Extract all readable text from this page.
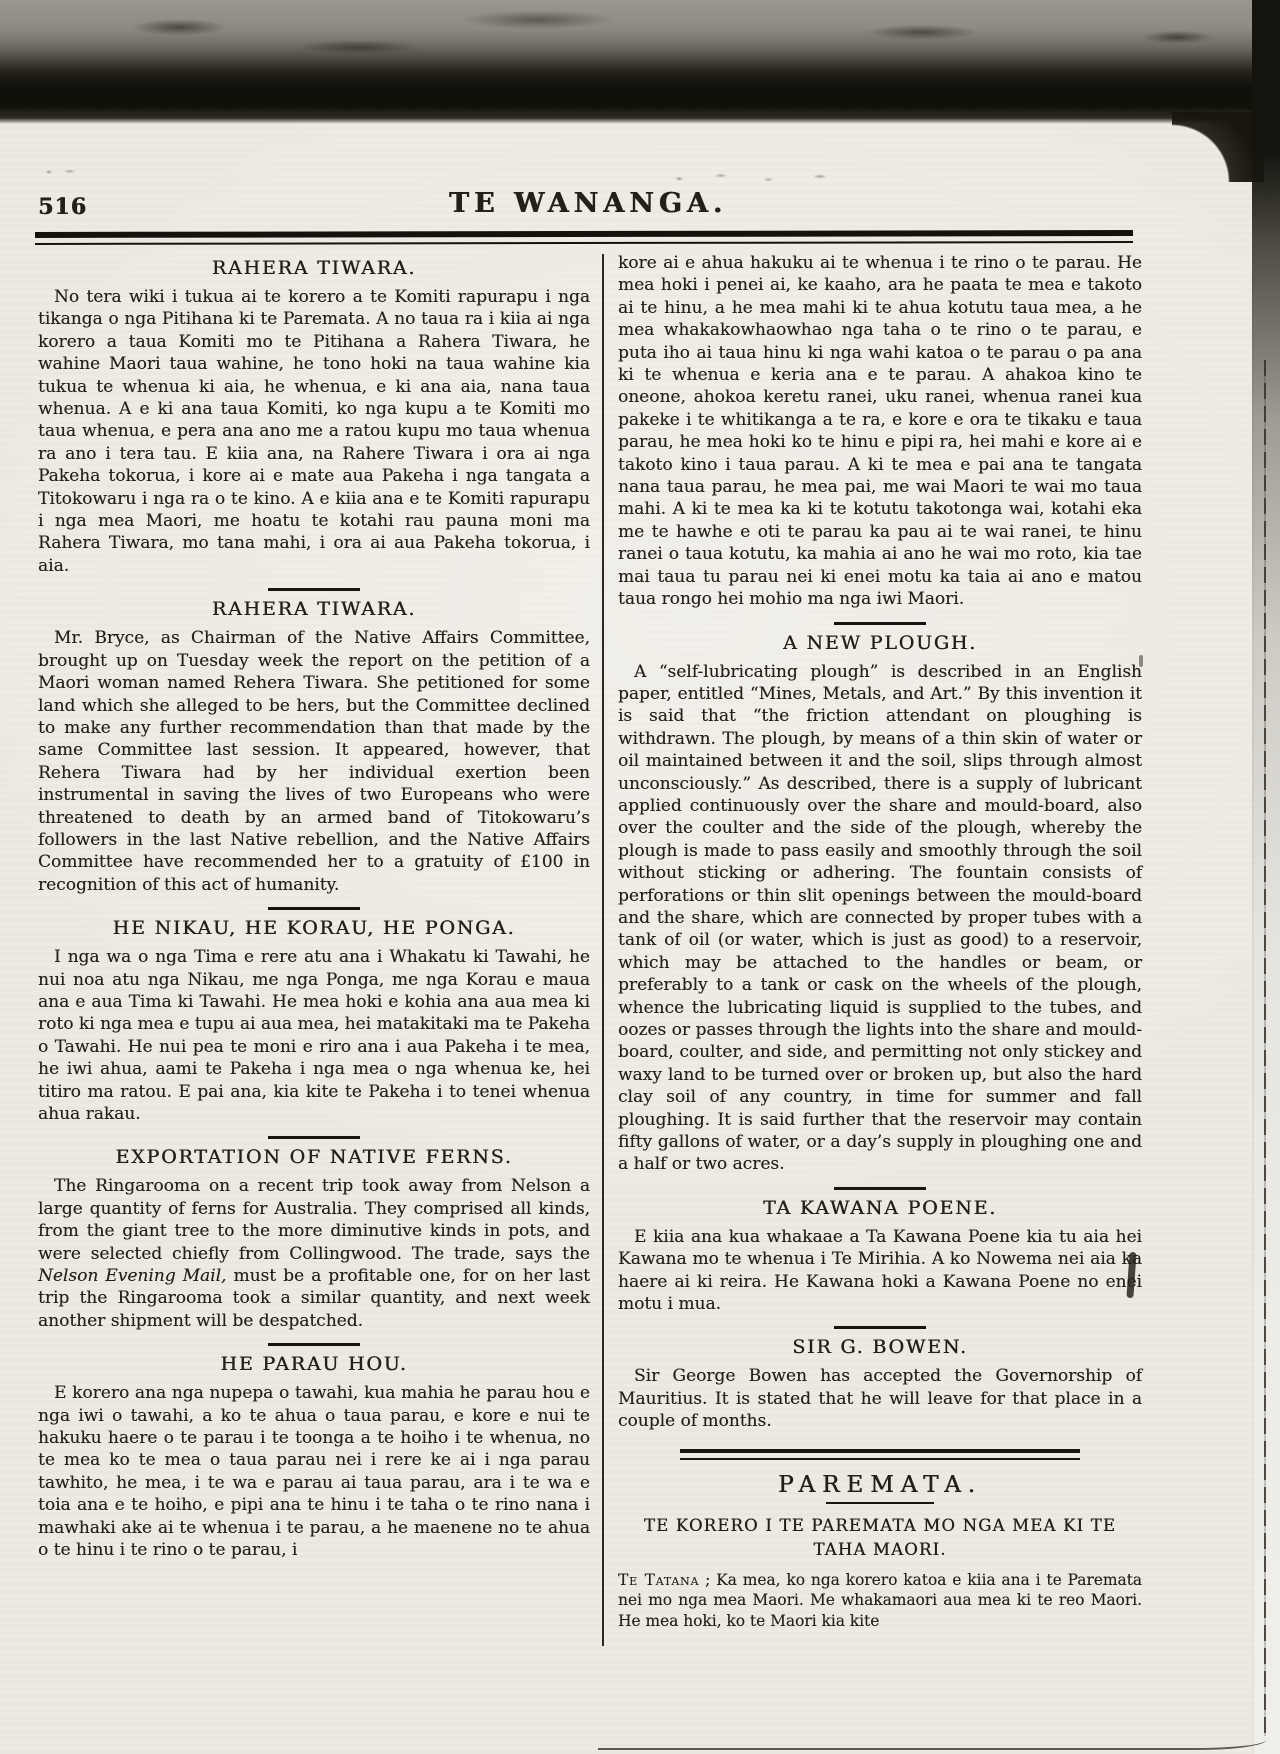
516	TE WANANGA.
RAHERA TIWARA.

No tera wiki i tukua ai te korero a te Komiti rapurapu i nga tikanga o nga Pitihana ki te Paremata. A no taua ra i kiia ai nga korero a taua Komiti mo te Pitihana a Rahera Tiwara, he wahine Maori taua wahine, he tono hoki na taua wahine kia tukua te whenua ki aia, he whenua, e ki ana aia, nana taua whenua. A e ki ana taua Komiti, ko nga kupu a te Komiti mo taua whenua, e pera ana ano me a ratou kupu mo taua whenua ra ano i tera tau. E kiia ana, na Rahere Tiwara i ora ai nga Pakeha tokorua, i kore ai e mate aua Pakeha i nga tangata a Titokowaru i nga ra o te kino. A e kiia ana e te Komiti rapurapu i nga mea Maori, me hoatu te kotahi rau pauna moni ma Rahera Tiwara, mo tana mahi, i ora ai aua Pakeha tokorua, i aia.

RAHERA TIWARA.

Mr. Bryce, as Chairman of the Native Affairs Committee, brought up on Tuesday week the report on the petition of a Maori woman named Rehera Tiwara. She petitioned for some land which she alleged to be hers, but the Committee declined to make any further recommendation than that made by the same Committee last session. It appeared, however, that Rehera Tiwara had by her individual exertion been instrumental in saving the lives of two Europeans who were threatened to death by an armed band of Titokowaru’s followers in the last Native rebellion, and the Native Affairs Committee have recommended her to a gratuity of £100 in recognition of this act of humanity.

HE NIKAU, HE KORAU, HE PONGA.

I nga wa o nga Tima e rere atu ana i Whakatu ki Tawahi, he nui noa atu nga Nikau, me nga Ponga, me nga Korau e maua ana e aua Tima ki Tawahi. He mea hoki e kohia ana aua mea ki roto ki nga mea e tupu ai aua mea, hei matakitaki ma te Pakeha o Tawahi. He nui pea te moni e riro ana i aua Pakeha i te mea, he iwi ahua, aami te Pakeha i nga mea o nga whenua ke, hei titiro ma ratou. E pai ana, kia kite te Pakeha i to tenei whenua ahua rakau.

EXPORTATION OF NATIVE FERNS.

The Ringarooma on a recent trip took away from Nelson a large quantity of ferns for Australia. They comprised all kinds, from the giant tree to the more diminutive kinds in pots, and were selected chiefly from Collingwood. The trade, says the Nelson Evening Mail, must be a profitable one, for on her last trip the Ringarooma took a similar quantity, and next week another shipment will be despatched.

HE PARAU HOU.

E korero ana nga nupepa o tawahi, kua mahia he parau hou e nga iwi o tawahi, a ko te ahua o taua parau, e kore e nui te hakuku haere o te parau i te toonga a te hoiho i te whenua, no te mea ko te mea o taua parau nei i rere ke ai i nga parau tawhito, he mea, i te wa e parau ai taua parau, ara i te wa e toia ana e te hoiho, e pipi ana te hinu i te taha o te rino nana i mawhaki ake ai te whenua i te parau, a he maenene no te ahua o te hinu i te rino o te parau, i

kore ai e ahua hakuku ai te whenua i te rino o te parau. He mea hoki i penei ai, ke kaaho, ara he paata te mea e takoto ai te hinu, a he mea mahi ki te ahua kotutu taua mea, a he mea whakakowhaowhao nga taha o te rino o te parau, e puta iho ai taua hinu ki nga wahi katoa o te parau o pa ana ki te whenua e keria ana e te parau. A ahakoa kino te oneone, ahokoa keretu ranei, uku ranei, whenua ranei kua pakeke i te whitikanga a te ra, e kore e ora te tikaku e taua parau, he mea hoki ko te hinu e pipi ra, hei mahi e kore ai e takoto kino i taua parau. A ki te mea e pai ana te tangata nana taua parau, he mea pai, me wai Maori te wai mo taua mahi. A ki te mea ka ki te kotutu takotonga wai, kotahi eka me te hawhe e oti te parau ka pau ai te wai ranei, te hinu ranei o taua kotutu, ka mahia ai ano he wai mo roto, kia tae mai taua tu parau nei ki enei motu ka taia ai ano e matou taua rongo hei mohio ma nga iwi Maori.

A NEW PLOUGH.

A “self-lubricating plough” is described in an English paper, entitled “Mines, Metals, and Art.” By this invention it is said that “the friction attendant on ploughing is withdrawn. The plough, by means of a thin skin of water or oil maintained between it and the soil, slips through almost unconsciously.” As described, there is a supply of lubricant applied continuously over the share and mould-board, also over the coulter and the side of the plough, whereby the plough is made to pass easily and smoothly through the soil without sticking or adhering. The fountain consists of perforations or thin slit openings between the mould-board and the share, which are connected by proper tubes with a tank of oil (or water, which is just as good) to a reservoir, which may be attached to the handles or beam, or preferably to a tank or cask on the wheels of the plough, whence the lubricating liquid is supplied to the tubes, and oozes or passes through the lights into the share and mould-board, coulter, and side, and permitting not only stickey and waxy land to be turned over or broken up, but also the hard clay soil of any country, in time for summer and fall ploughing. It is said further that the reservoir may contain fifty gallons of water, or a day’s supply in ploughing one and a half or two acres.

TA KAWANA POENE.

E kiia ana kua whakaae a Ta Kawana Poene kia tu aia hei Kawana mo te whenua i Te Mirihia. A ko Nowema nei aia ka haere ai ki reira. He Kawana hoki a Kawana Poene no enei motu i mua.

SIR G. BOWEN.

Sir George Bowen has accepted the Governorship of Mauritius. It is stated that he will leave for that place in a couple of months.

PAREMATA.

TE KORERO I TE PAREMATA MO NGA MEA KI TE TAHA MAORI.

Te Tatana ; Ka mea, ko nga korero katoa e kiia ana i te Paremata nei mo nga mea Maori. Me whakamaori aua mea ki te reo Maori. He mea hoki, ko te Maori kia kite
